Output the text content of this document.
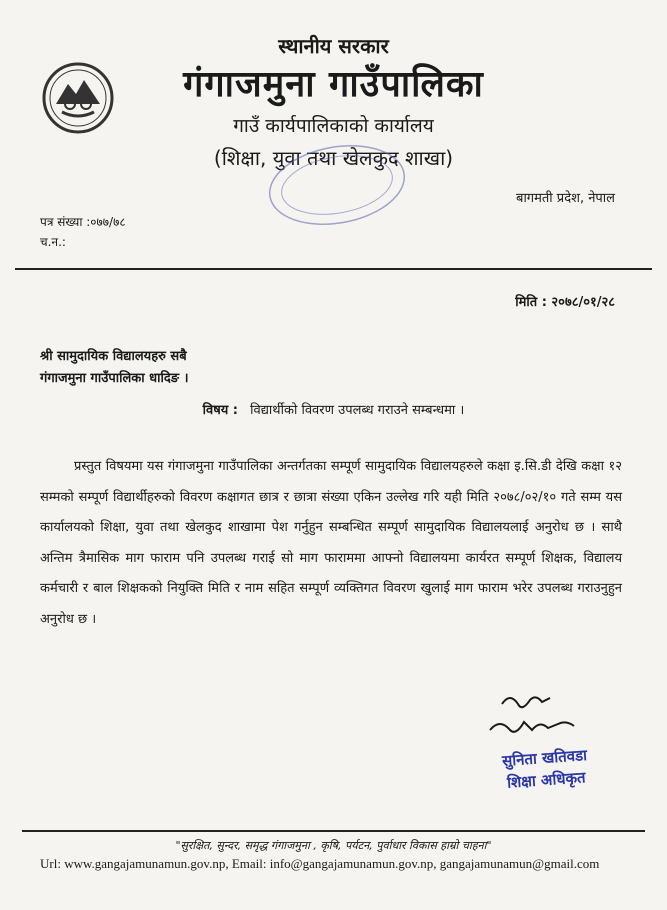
स्थानीय सरकार
गंगाजमुना गाउँपालिका
गाउँ कार्यपालिकाको कार्यालय
(शिक्षा, युवा तथा खेलकुद शाखा)
बागमती प्रदेश, नेपाल
पत्र संख्या :०७७/७८
च.न.:
मिति : २०७८/०१/२८
श्री सामुदायिक विद्यालयहरु सबै
गंगाजमुना गाउँपालिका धादिङ ।
विषय : विद्यार्थीको विवरण उपलब्ध गराउने सम्बन्धमा ।

प्रस्तुत विषयमा यस गंगाजमुना गाउँपालिका अन्तर्गतका सम्पूर्ण सामुदायिक विद्यालयहरुले कक्षा इ.सि.डी देखि कक्षा १२ सम्मको सम्पूर्ण विद्यार्थीहरुको विवरण कक्षागत छात्र र छात्रा संख्या एकिन उल्लेख गरि यही मिति २०७८/०२/१० गते सम्म यस कार्यालयको शिक्षा, युवा तथा खेलकुद शाखामा पेश गर्नुहुन सम्बन्धित सम्पूर्ण सामुदायिक विद्यालयलाई अनुरोध छ । साथै अन्तिम त्रैमासिक माग फाराम पनि उपलब्ध गराई सो माग फाराममा आफ्नो विद्यालयमा कार्यरत सम्पूर्ण शिक्षक, विद्यालय कर्मचारी र बाल शिक्षकको नियुक्ति मिति र नाम सहित सम्पूर्ण व्यक्तिगत विवरण खुलाई माग फाराम भरेर उपलब्ध गराउनुहुन अनुरोध छ ।

सुनिता खतिवडा
शिक्षा अधिकृत
"सुरक्षित, सुन्दर, समृद्ध गंगाजमुना , कृषि, पर्यटन, पुर्वाधार विकास हाम्रो चाहना"
Url: www.gangajamunamun.gov.np, Email: info@gangajamunamun.gov.np, gangajamunamun@gmail.com
